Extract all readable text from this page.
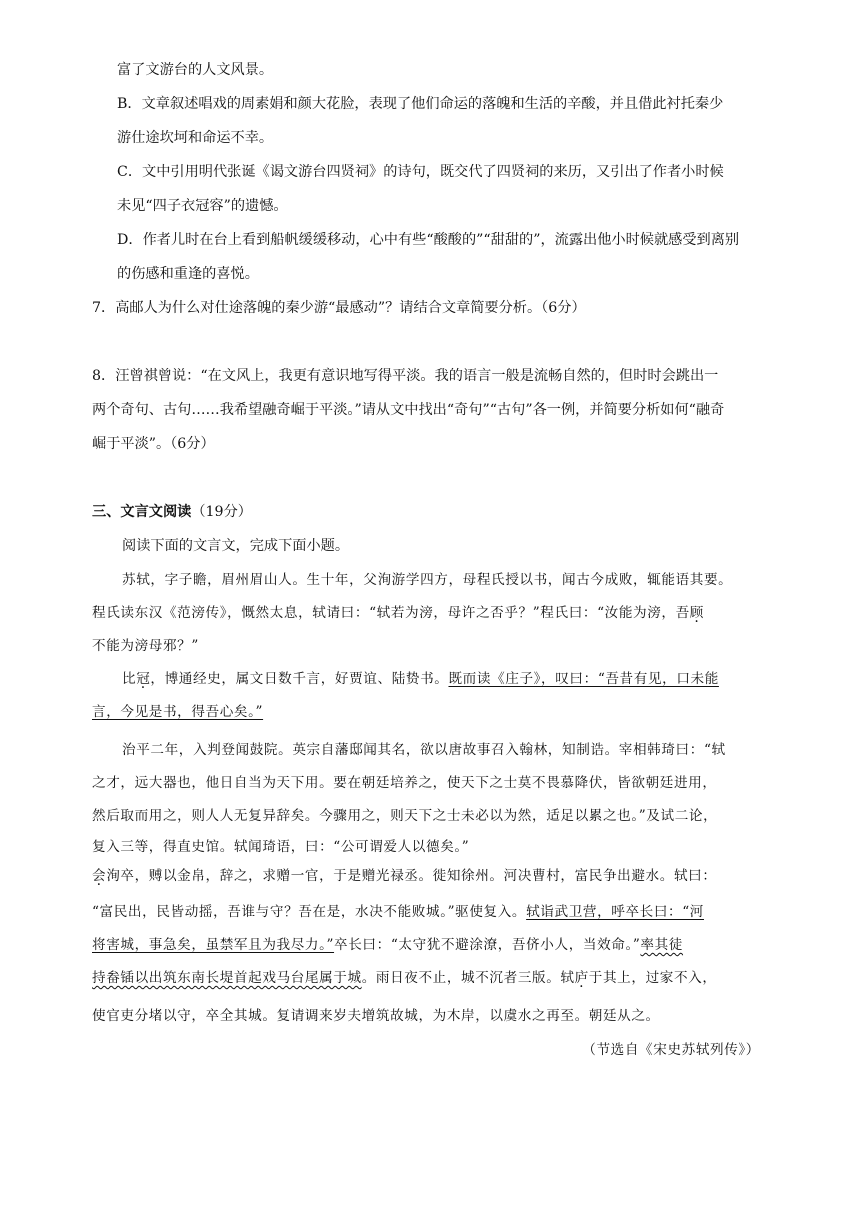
富了文游台的人文风景。
B．文章叙述唱戏的周素娟和颜大花脸，表现了他们命运的落魄和生活的辛酸，并且借此衬托秦少
游仕途坎坷和命运不幸。
C．文中引用明代张诞《谒文游台四贤祠》的诗句，既交代了四贤祠的来历，又引出了作者小时候
未见“四子衣冠容”的遗憾。
D．作者儿时在台上看到船帆缓缓移动，心中有些“酸酸的”“甜甜的”，流露出他小时候就感受到离别
的伤感和重逢的喜悦。
7．高邮人为什么对仕途落魄的秦少游“最感动”？请结合文章简要分析。（6分）
8．汪曾祺曾说：“在文风上，我更有意识地写得平淡。我的语言一般是流畅自然的，但时时会跳出一
两个奇句、古句……我希望融奇崛于平淡。”请从文中找出“奇句”“古句”各一例，并简要分析如何“融奇
崛于平淡”。（6分）
三、文言文阅读（19分）
阅读下面的文言文，完成下面小题。
苏轼，字子瞻，眉州眉山人。生十年，父洵游学四方，母程氏授以书，闻古今成败，辄能语其要。
程氏读东汉《范滂传》，慨然太息，轼请曰：“轼若为滂，母许之否乎？”程氏曰：“汝能为滂，吾顾
不能为滂母邪？”
比冠，博通经史，属文日数千言，好贾谊、陆贽书。既而读《庄子》，叹曰：“吾昔有见，口未能
言，今见是书，得吾心矣。”
治平二年，入判登闻鼓院。英宗自藩邸闻其名，欲以唐故事召入翰林，知制诰。宰相韩琦曰：“轼
之才，远大器也，他日自当为天下用。要在朝廷培养之，使天下之士莫不畏慕降伏，皆欲朝廷进用，
然后取而用之，则人人无复异辞矣。今骤用之，则天下之士未必以为然，适足以累之也。”及试二论，
复入三等，得直史馆。轼闻琦语，曰：“公可谓爱人以德矣。”
会洵卒，赙以金帛，辞之，求赠一官，于是赠光禄丞。徙知徐州。河决曹村，富民争出避水。轼曰：
“富民出，民皆动摇，吾谁与守？吾在是，水决不能败城。”驱使复入。轼诣武卫营，呼卒长曰：“河
将害城，事急矣，虽禁军且为我尽力。”卒长曰：“太守犹不避涂潦，吾侪小人，当效命。”率其徒
持畚锸以出筑东南长堤首起戏马台尾属于城。雨日夜不止，城不沉者三版。轼庐于其上，过家不入，
使官吏分堵以守，卒全其城。复请调来岁夫增筑故城，为木岸，以虞水之再至。朝廷从之。
（节选自《宋史苏轼列传》）
